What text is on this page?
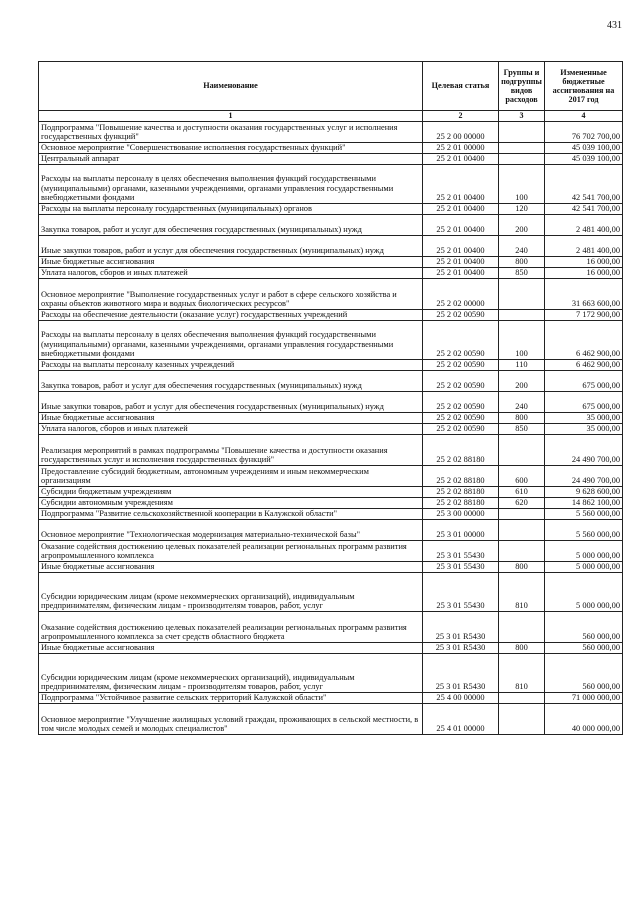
431
Наименование	Целевая статья	Группы и подгруппы видов расходов	Измененные бюджетные ассигнования на 2017 год
1	2	3	4
Подпрограмма "Повышение качества и доступности оказания государственных услуг и исполнения государственных функций"	25 2 00 00000		76 702 700,00
Основное мероприятие "Совершенствование исполнения государственных функций"	25 2 01 00000		45 039 100,00
Центральный аппарат	25 2 01 00400		45 039 100,00
Расходы на выплаты персоналу в целях обеспечения выполнения функций государственными (муниципальными) органами, казенными учреждениями, органами управления государственными внебюджетными фондами	25 2 01 00400	100	42 541 700,00
Расходы на выплаты персоналу государственных (муниципальных) органов	25 2 01 00400	120	42 541 700,00
Закупка товаров, работ и услуг для обеспечения государственных (муниципальных) нужд	25 2 01 00400	200	2 481 400,00
Иные закупки товаров, работ и услуг для обеспечения государственных (муниципальных) нужд	25 2 01 00400	240	2 481 400,00
Иные бюджетные ассигнования	25 2 01 00400	800	16 000,00
Уплата налогов, сборов и иных платежей	25 2 01 00400	850	16 000,00
Основное мероприятие "Выполнение государственных услуг и работ в сфере сельского хозяйства и охраны объектов животного мира и водных биологических ресурсов"	25 2 02 00000		31 663 600,00
Расходы на обеспечение деятельности (оказание услуг) государственных учреждений	25 2 02 00590		7 172 900,00
Расходы на выплаты персоналу в целях обеспечения выполнения функций государственными (муниципальными) органами, казенными учреждениями, органами управления государственными внебюджетными фондами	25 2 02 00590	100	6 462 900,00
Расходы на выплаты персоналу казенных учреждений	25 2 02 00590	110	6 462 900,00
Закупка товаров, работ и услуг для обеспечения государственных (муниципальных) нужд	25 2 02 00590	200	675 000,00
Иные закупки товаров, работ и услуг для обеспечения государственных (муниципальных) нужд	25 2 02 00590	240	675 000,00
Иные бюджетные ассигнования	25 2 02 00590	800	35 000,00
Уплата налогов, сборов и иных платежей	25 2 02 00590	850	35 000,00
Реализация мероприятий в рамках подпрограммы "Повышение качества и доступности оказания государственных услуг и исполнения государственных функций"	25 2 02 88180		24 490 700,00
Предоставление субсидий бюджетным, автономным учреждениям и иным некоммерческим организациям	25 2 02 88180	600	24 490 700,00
Субсидии бюджетным учреждениям	25 2 02 88180	610	9 628 600,00
Субсидии автономным учреждениям	25 2 02 88180	620	14 862 100,00
Подпрограмма "Развитие сельскохозяйственной кооперации в Калужской области"	25 3 00 00000		5 560 000,00
Основное мероприятие "Технологическая модернизация материально-технической базы"	25 3 01 00000		5 560 000,00
Оказание содействия достижению целевых показателей реализации региональных программ развития агропромышленного комплекса	25 3 01 55430		5 000 000,00
Иные бюджетные ассигнования	25 3 01 55430	800	5 000 000,00
Субсидии юридическим лицам (кроме некоммерческих организаций), индивидуальным предпринимателям, физическим лицам - производителям товаров, работ, услуг	25 3 01 55430	810	5 000 000,00
Оказание содействия достижению целевых показателей реализации региональных программ развития агропромышленного комплекса за счет средств областного бюджета	25 3 01 R5430		560 000,00
Иные бюджетные ассигнования	25 3 01 R5430	800	560 000,00
Субсидии юридическим лицам (кроме некоммерческих организаций), индивидуальным предпринимателям, физическим лицам - производителям товаров, работ, услуг	25 3 01 R5430	810	560 000,00
Подпрограмма "Устойчивое развитие сельских территорий Калужской области"	25 4 00 00000		71 000 000,00
Основное мероприятие "Улучшение жилищных условий граждан, проживающих в сельской местности, в том числе молодых семей и молодых специалистов"	25 4 01 00000		40 000 000,00
